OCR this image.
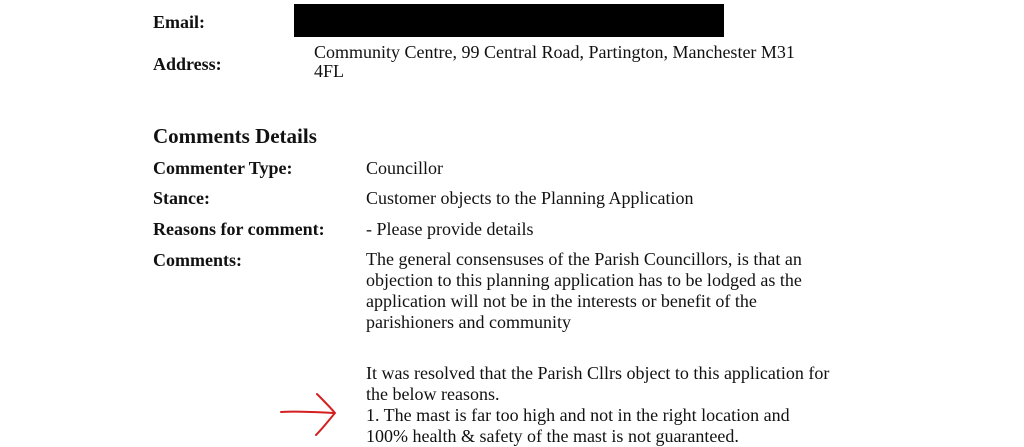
Email:
Address:
Community Centre, 99 Central Road, Partington, Manchester M31
4FL
Comments Details
Commenter Type:	Councillor
Stance:	Customer objects to the Planning Application
Reasons for comment: - Please provide details
Comments:	The general consensuses of the Parish Councillors, is that an
objection to this planning application has to be lodged as the
application will not be in the interests or benefit of the
parishioners and community
It was resolved that the Parish Cllrs object to this application for
the below reasons.
1. The mast is far too high and not in the right location and
100% health & safety of the mast is not guaranteed.
